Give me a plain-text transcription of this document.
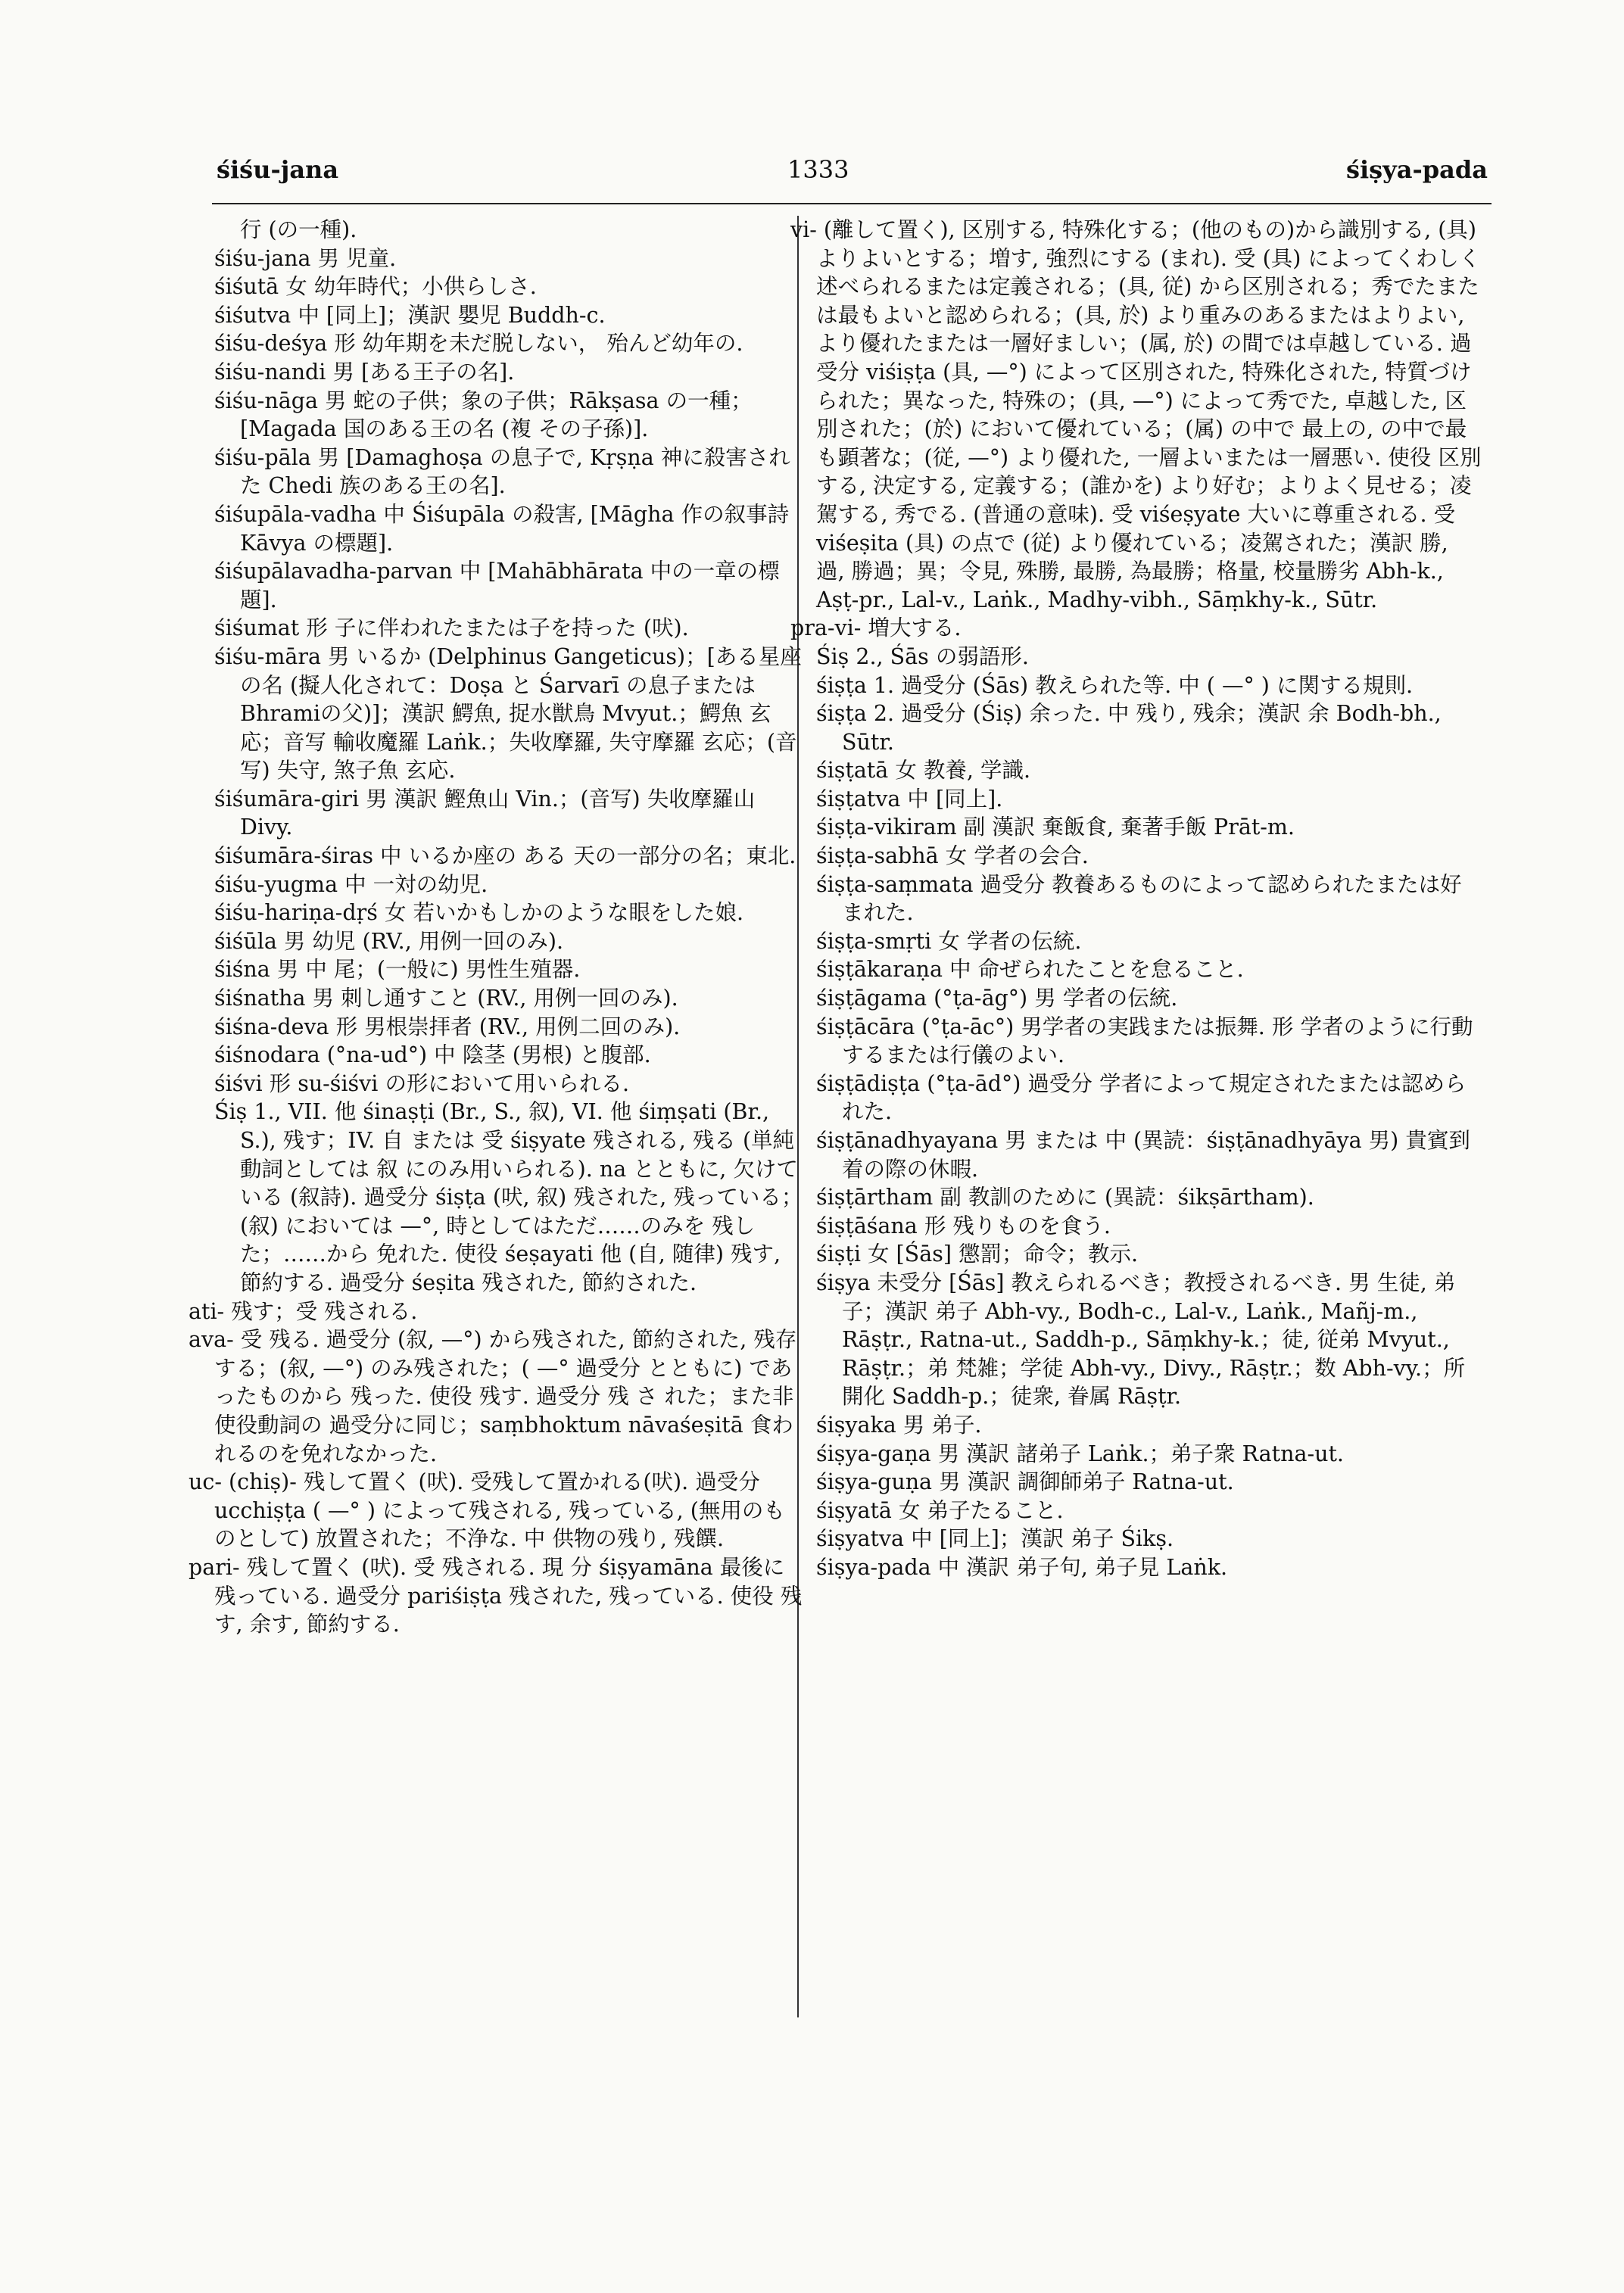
śiśu-jana	1333	śiṣya-pada

行 (の一種).

śiśu-jana 男 児童.

śiśutā 女 幼年時代；小供らしさ.

śiśutva 中 [同上]；漢訳 嬰児 Buddh-c.

śiśu-deśya 形 幼年期を未だ脱しない， 殆んど幼年の.

śiśu-nandi 男 [ある王子の名].

śiśu-nāga 男 蛇の子供；象の子供；Rākṣasa の一種；[Magada 国のある王の名 (複 その子孫)].

śiśu-pāla 男 [Damaghoṣa の息子で, Kṛṣṇa 神に殺害された Chedi 族のある王の名].

śiśupāla-vadha 中 Śiśupāla の殺害, [Māgha 作の叙事詩 Kāvya の標題].

śiśupālavadha-parvan 中 [Mahābhārata 中の一章の標題].

śiśumat 形 子に伴われたまたは子を持った (吠).

śiśu-māra 男 いるか (Delphinus Gangeticus)；[ある星座の名 (擬人化されて：Doṣa と Śarvarī の息子または Bhramiの父)]；漢訳 鰐魚, 捉水獣鳥 Mvyut.；鰐魚 玄応；音写 輸收魔羅 Laṅk.；失收摩羅, 失守摩羅 玄応；(音写) 失守, 煞子魚 玄応.

śiśumāra-giri 男 漢訳 鰹魚山 Vin.；(音写) 失收摩羅山 Divy.

śiśumāra-śiras 中 いるか座の ある 天の一部分の名；東北.

śiśu-yugma 中 一対の幼児.

śiśu-hariṇa-dṛś 女 若いかもしかのような眼をした娘.

śiśūla 男 幼児 (RV., 用例一回のみ).

śiśna 男 中 尾；(一般に) 男性生殖器.

śiśnatha 男 刺し通すこと (RV., 用例一回のみ).

śiśna-deva 形 男根崇拝者 (RV., 用例二回のみ).

śiśnodara (°na-ud°) 中 陰茎 (男根) と腹部.

śiśvi 形 su-śiśvi の形において用いられる.

Śiṣ 1., VII. 他 śinaṣṭi (Br., S., 叙), VI. 他 śiṃṣati (Br., S.), 残す；IV. 自 または 受 śiṣyate 残される, 残る (単純動詞としては 叙 にのみ用いられる). na とともに, 欠けている (叙詩). 過受分 śiṣṭa (吠, 叙) 残された, 残っている；(叙) においては —°, 時としてはただ……のみを 残した；……から 免れた. 使役 śeṣayati 他 (自, 随律) 残す, 節約する. 過受分 śeṣita 残された, 節約された.

ati- 残す；受 残される.

ava- 受 残る. 過受分 (叙, —°) から残された, 節約された, 残存する；(叙, —°) のみ残された；( —° 過受分 とともに) であったものから 残った. 使役 残す. 過受分 残 さ れた；また非使役動詞の 過受分に同じ；saṃbhoktum nāvaśeṣitā 食われるのを免れなかった.

uc- (chiṣ)- 残して置く (吠). 受残して置かれる(吠). 過受分 ucchiṣṭa ( —° ) によって残される, 残っている, (無用のものとして) 放置された；不浄な. 中 供物の残り, 残饌.

pari- 残して置く (吠). 受 残される. 現 分 śiṣyamāna 最後に残っている. 過受分 pariśiṣṭa 残された, 残っている. 使役 残す, 余す, 節約する.

vi- (離して置く), 区別する, 特殊化する；(他のもの)から識別する, (具)よりよいとする；増す, 強烈にする (まれ). 受 (具) によってくわしく述べられるまたは定義される；(具, 従) から区別される；秀でたまたは最もよいと認められる；(具, 於) より重みのあるまたはよりよい, より優れたまたは一層好ましい；(属, 於) の間では卓越している. 過受分 viśiṣṭa (具, —°) によって区別された, 特殊化された, 特質づけられた；異なった, 特殊の；(具, —°) によって秀でた, 卓越した, 区別された；(於) において優れている；(属) の中で 最上の, の中で最も顕著な；(従, —°) より優れた, 一層よいまたは一層悪い. 使役 区別する, 決定する, 定義する；(誰かを) より好む；よりよく見せる；凌駕する, 秀でる. (普通の意味). 受 viśeṣyate 大いに尊重される. 受 viśeṣita (具) の点で (従) より優れている；凌駕された；漢訳 勝, 過, 勝過；異；令見, 殊勝, 最勝, 為最勝；格量, 校量勝劣 Abh-k., Aṣṭ-pr., Lal-v., Laṅk., Madhy-vibh., Sāṃkhy-k., Sūtr.

pra-vi- 増大する.

Śiṣ 2., Śās の弱語形.

śiṣṭa 1. 過受分 (Śās) 教えられた等. 中 ( —° ) に関する規則.

śiṣṭa 2. 過受分 (Śiṣ) 余った. 中 残り, 残余；漢訳 余 Bodh-bh., Sūtr.

śiṣṭatā 女 教養, 学識.

śiṣṭatva 中 [同上].

śiṣṭa-vikiram 副 漢訳 棄飯食, 棄著手飯 Prāt-m.

śiṣṭa-sabhā 女 学者の会合.

śiṣṭa-saṃmata 過受分 教養あるものによって認められたまたは好まれた.

śiṣṭa-smṛti 女 学者の伝統.

śiṣṭākaraṇa 中 命ぜられたことを怠ること.

śiṣṭāgama (°ṭa-āg°) 男 学者の伝統.

śiṣṭācāra (°ṭa-āc°) 男学者の実践または振舞. 形 学者のように行動するまたは行儀のよい.

śiṣṭādiṣṭa (°ṭa-ād°) 過受分 学者によって規定されたまたは認められた.

śiṣṭānadhyayana 男 または 中 (異読：śiṣṭānadhyāya 男) 貴賓到着の際の休暇.

śiṣṭārtham 副 教訓のために (異読：śikṣārtham).

śiṣṭāśana 形 残りものを食う.

śiṣṭi 女 [Śās] 懲罰；命令；教示.

śiṣya 未受分 [Śās] 教えられるべき；教授されるべき. 男 生徒, 弟子；漢訳 弟子 Abh-vy., Bodh-c., Lal-v., Laṅk., Mañj-m., Rāṣṭr., Ratna-ut., Saddh-p., Sāṃkhy-k.；徒, 従弟 Mvyut., Rāṣṭr.；弟 梵雑；学徒 Abh-vy., Divy., Rāṣṭr.；数 Abh-vy.；所開化 Saddh-p.；徒衆, 眷属 Rāṣṭr.

śiṣyaka 男 弟子.

śiṣya-gaṇa 男 漢訳 諸弟子 Laṅk.；弟子衆 Ratna-ut.

śiṣya-guṇa 男 漢訳 調御師弟子 Ratna-ut.

śiṣyatā 女 弟子たること.

śiṣyatva 中 [同上]；漢訳 弟子 Śikṣ.

śiṣya-pada 中 漢訳 弟子句, 弟子見 Laṅk.
